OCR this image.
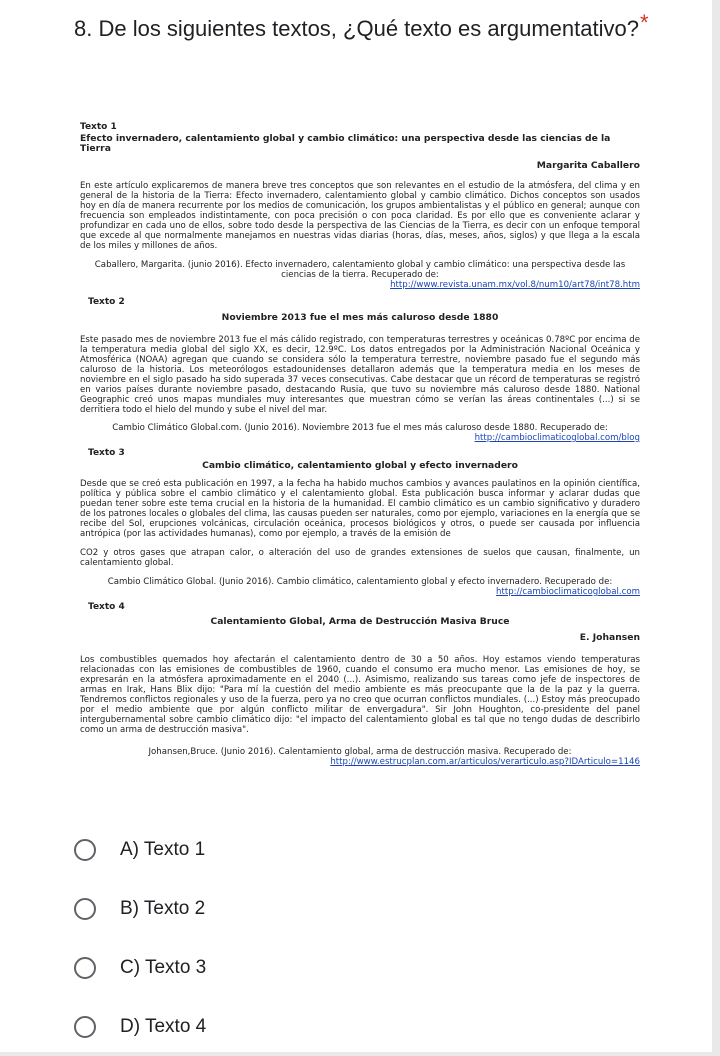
8. De los siguientes textos, ¿Qué texto es argumentativo? *

Texto 1

Efecto invernadero, calentamiento global y cambio climático: una perspectiva desde las ciencias de la Tierra

Margarita Caballero

En este artículo explicaremos de manera breve tres conceptos que son relevantes en el estudio de la atmósfera, del clima y en general de la historia de la Tierra: Efecto invernadero, calentamiento global y cambio climático. Dichos conceptos son usados hoy en día de manera recurrente por los medios de comunicación, los grupos ambientalistas y el público en general; aunque con frecuencia son empleados indistintamente, con poca precisión o con poca claridad. Es por ello que es conveniente aclarar y profundizar en cada uno de ellos, sobre todo desde la perspectiva de las Ciencias de la Tierra, es decir con un enfoque temporal que excede al que normalmente manejamos en nuestras vidas diarias (horas, días, meses, años, siglos) y que llega a la escala de los miles y millones de años.

Caballero, Margarita. (junio 2016). Efecto invernadero, calentamiento global y cambio climático: una perspectiva desde las ciencias de la tierra. Recuperado de:

http://www.revista.unam.mx/vol.8/num10/art78/int78.htm

Texto 2

Noviembre 2013 fue el mes más caluroso desde 1880

Este pasado mes de noviembre 2013 fue el más cálido registrado, con temperaturas terrestres y oceánicas 0.78ºC por encima de la temperatura media global del siglo XX, es decir, 12.9ºC. Los datos entregados por la Administración Nacional Oceánica y Atmosférica (NOAA) agregan que cuando se considera sólo la temperatura terrestre, noviembre pasado fue el segundo más caluroso de la historia. Los meteorólogos estadounidenses detallaron además que la temperatura media en los meses de noviembre en el siglo pasado ha sido superada 37 veces consecutivas. Cabe destacar que un récord de temperaturas se registró en varios países durante noviembre pasado, destacando Rusia, que tuvo su noviembre más caluroso desde 1880. National Geographic creó unos mapas mundiales muy interesantes que muestran cómo se verían las áreas continentales (...) si se derritiera todo el hielo del mundo y sube el nivel del mar.

Cambio Climático Global.com. (Junio 2016). Noviembre 2013 fue el mes más caluroso desde 1880. Recuperado de:

http://cambioclimaticoglobal.com/blog

Texto 3

Cambio climático, calentamiento global y efecto invernadero

Desde que se creó esta publicación en 1997, a la fecha ha habido muchos cambios y avances paulatinos en la opinión científica, política y pública sobre el cambio climático y el calentamiento global. Esta publicación busca informar y aclarar dudas que puedan tener sobre este tema crucial en la historia de la humanidad. El cambio climático es un cambio significativo y duradero de los patrones locales o globales del clima, las causas pueden ser naturales, como por ejemplo, variaciones en la energía que se recibe del Sol, erupciones volcánicas, circulación oceánica, procesos biológicos y otros, o puede ser causada por influencia antrópica (por las actividades humanas), como por ejemplo, a través de la emisión de

CO2 y otros gases que atrapan calor, o alteración del uso de grandes extensiones de suelos que causan, finalmente, un calentamiento global.

Cambio Climático Global. (Junio 2016). Cambio climático, calentamiento global y efecto invernadero. Recuperado de:

http://cambioclimaticoglobal.com

Texto 4

Calentamiento Global, Arma de Destrucción Masiva Bruce

E. Johansen

Los combustibles quemados hoy afectarán el calentamiento dentro de 30 a 50 años. Hoy estamos viendo temperaturas relacionadas con las emisiones de combustibles de 1960, cuando el consumo era mucho menor. Las emisiones de hoy, se expresarán en la atmósfera aproximadamente en el 2040 (...). Asimismo, realizando sus tareas como jefe de inspectores de armas en Irak, Hans Blix dijo: "Para mí la cuestión del medio ambiente es más preocupante que la de la paz y la guerra. Tendremos conflictos regionales y uso de la fuerza, pero ya no creo que ocurran conflictos mundiales. (...) Estoy más preocupado por el medio ambiente que por algún conflicto militar de envergadura". Sir John Houghton, co-presidente del panel intergubernamental sobre cambio climático dijo: "el impacto del calentamiento global es tal que no tengo dudas de describirlo como un arma de destrucción masiva".

Johansen,Bruce. (Junio 2016). Calentamiento global, arma de destrucción masiva. Recuperado de:

http://www.estrucplan.com.ar/articulos/verarticulo.asp?IDArticulo=1146

A) Texto 1
B) Texto 2
C) Texto 3
D) Texto 4
